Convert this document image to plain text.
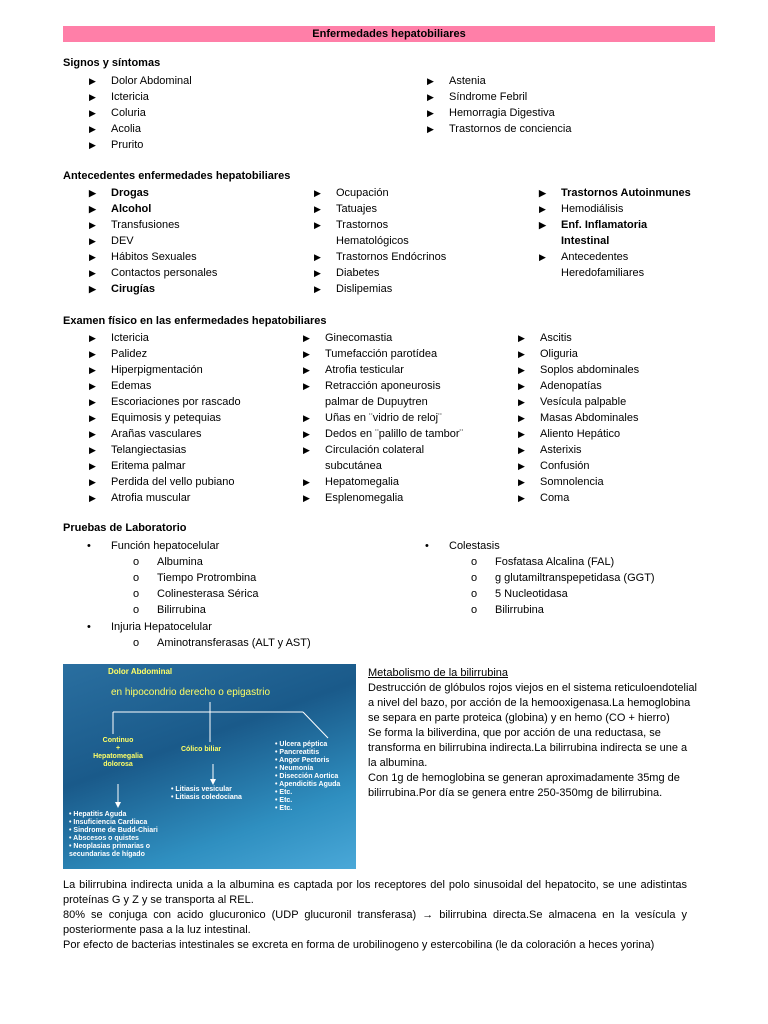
Enfermedades hepatobiliares
Signos y síntomas
▶ Dolor Abdominal
▶ Ictericia
▶ Coluria
▶ Acolia
▶ Prurito
▶ Astenia
▶ Síndrome Febril
▶ Hemorragia Digestiva
▶ Trastornos de conciencia
Antecedentes enfermedades hepatobiliares
▶ Drogas
▶ Alcohol
▶ Transfusiones
▶ DEV
▶ Hábitos Sexuales
▶ Contactos personales
▶ Cirugías
▶ Ocupación
▶ Tatuajes
▶ Trastornos Hematológicos
▶ Trastornos Endócrinos
▶ Diabetes
▶ Dislipemias
▶ Trastornos Autoinmunes
▶ Hemodiálisis
▶ Enf. Inflamatoria Intestinal
▶ Antecedentes Heredofamiliares
Examen físico en las enfermedades hepatobiliares
▶ Ictericia
▶ Palidez
▶ Hiperpigmentación
▶ Edemas
▶ Escoriaciones por rascado
▶ Equimosis y petequias
▶ Arañas vasculares
▶ Telangiectasias
▶ Eritema palmar
▶ Perdida del vello pubiano
▶ Atrofia muscular
▶ Ginecomastia
▶ Tumefacción parotídea
▶ Atrofia testicular
▶ Retracción aponeurosis palmar de Dupuytren
▶ Uñas en ¨vidrio de reloj¨
▶ Dedos en ¨palillo de tambor¨
▶ Circulación colateral subcutánea
▶ Hepatomegalia
▶ Esplenomegalia
▶ Ascitis
▶ Oliguria
▶ Soplos abdominales
▶ Adenopatías
▶ Vesícula palpable
▶ Masas Abdominales
▶ Aliento Hepático
▶ Asterixis
▶ Confusión
▶ Somnolencia
▶ Coma
Pruebas de Laboratorio
• Función hepatocelular
o Albumina
o Tiempo Protrombina
o Colinesterasa Sérica
o Bilirrubina
• Injuria Hepatocelular
o Aminotransferasas (ALT y AST)
• Colestasis
o Fosfatasa Alcalina (FAL)
o g glutamiltranspepetidasa (GGT)
o 5 Nucleotidasa
o Bilirrubina
Dolor Abdominal
en hipocondrio derecho o epigastrio
Continuo
+
Hepatomegalia
dolorosa
Cólico biliar
• Ulcera péptica
• Pancreatitis
• Angor Pectoris
• Neumonía
• Disección Aortica
• Apendicitis Aguda
• Etc.
• Etc.
• Etc.
• Litiasis vesicular
• Litiasis coledociana
• Hepatitis Aguda
• Insuficiencia Cardiaca
• Sindrome de Budd-Chiari
• Abscesos o quistes
• Neoplasias primarias o
secundarias de hígado
Metabolismo de la bilirrubina
Destrucción de glóbulos rojos viejos en el sistema reticuloendotelial a nivel del bazo, por acción de la hemooxigenasa.La hemoglobina se separa en parte proteica (globina) y en hemo (CO + hierro)
Se forma la biliverdina, que por acción de una reductasa, se transforma en bilirrubina indirecta.La bilirrubina indirecta se une a la albumina.
Con 1g de hemoglobina se generan aproximadamente 35mg de bilirrubina.Por día se genera entre 250-350mg de bilirrubina.

La bilirrubina indirecta unida a la albumina es captada por los receptores del polo sinusoidal del hepatocito, se une adistintas proteínas G y Z y se transporta al REL.

80% se conjuga con acido glucuronico (UDP glucuronil transferasa) → bilirrubina directa.Se almacena en la vesícula y posteriormente pasa a la luz intestinal.

Por efecto de bacterias intestinales se excreta en forma de urobilinogeno y estercobilina (le da coloración a heces yorina)
